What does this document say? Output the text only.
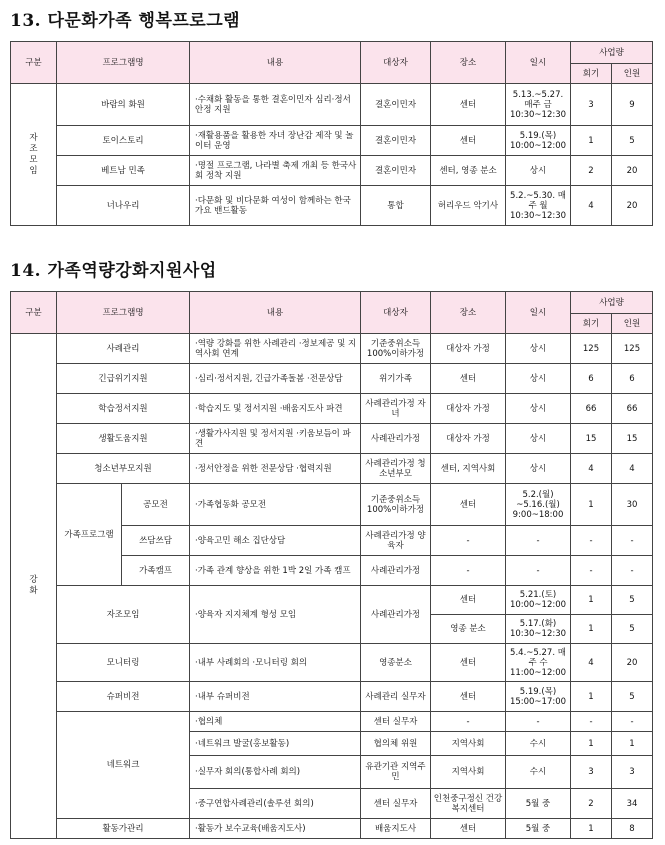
13. 다문화가족 행복프로그램
구분	프로그램명	내용	대상자	장소	일시	사업량	
						회기	인원

자조모임	바람의 화원	·수채화 활동을 통한 결혼이민자 심리·정서 안정 지원	결혼이민자	센터	5.13.~5.27. 매주 금 10:30~12:30	3	9
	토이스토리	·재활용품을 활용한 자녀 장난감 제작 및 놀이터 운영	결혼이민자	센터	5.19.(목) 10:00~12:00	1	5
	베트남 민족	·명절 프로그램, 나라별 축제 개최 등 한국사회 정착 지원	결혼이민자	센터, 영종 분소	상시	2	20
	너나우리	·다문화 및 비다문화 여성이 함께하는 한국가요 밴드활동	통합	허리우드 악기사	5.2.~5.30. 매주 월 10:30~12:30	4	20
14. 가족역량강화지원사업
구분	프로그램명		내용	대상자	장소	일시	사업량	
							회기	인원

강화	사례관리		·역량 강화를 위한 사례관리 ·정보제공 및 지역사회 연계	기준중위소득 100%이하가정	대상자 가정	상시	125	125
	긴급위기지원		·심리·정서지원, 긴급가족돌봄 ·전문상담	위기가족	센터	상시	6	6
	학습정서지원		·학습지도 및 정서지원 ·배움지도사 파견	사례관리가정 자녀	대상자 가정	상시	66	66
	생활도움지원		·생활가사지원 및 정서지원 ·키움보듬이 파견	사례관리가정	대상자 가정	상시	15	15
	청소년부모지원		·정서안정을 위한 전문상담 ·협력지원	사례관리가정 청소년부모	센터, 지역사회	상시	4	4
	가족프로그램	공모전	·가족협동화 공모전	기준중위소득 100%이하가정	센터	5.2.(월) ~5.16.(월) 9:00~18:00	1	30
		쓰담쓰담	·양육고민 해소 집단상담	사례관리가정 양육자	-	-	-	-
		가족캠프	·가족 관계 향상을 위한 1박 2일 가족 캠프	사례관리가정	-	-	-	-
	자조모임		·양육자 지지체계 형성 모임	사례관리가정	센터	5.21.(토) 10:00~12:00	1	5
					영종 분소	5.17.(화) 10:30~12:30	1	5
	모니터링		·내부 사례회의 ·모니터링 회의	영종분소	센터	5.4.~5.27. 매주 수 11:00~12:00	4	20
	슈퍼비전		·내부 슈퍼비전	사례관리 실무자	센터	5.19.(목) 15:00~17:00	1	5
	네트워크		·협의체	센터 실무자	-	-	-	-
			·네트워크 발굴(홍보활동)	협의체 위원	지역사회	수시	1	1
			·실무자 회의(통합사례 회의)	유관기관 지역주민	지역사회	수시	3	3
			·중구연합사례관리(솔루션 회의)	센터 실무자	인천중구정신 건강복지센터	5월 중	2	34
	활동가관리		·활동가 보수교육(배움지도사)	배움지도사	센터	5월 중	1	8
